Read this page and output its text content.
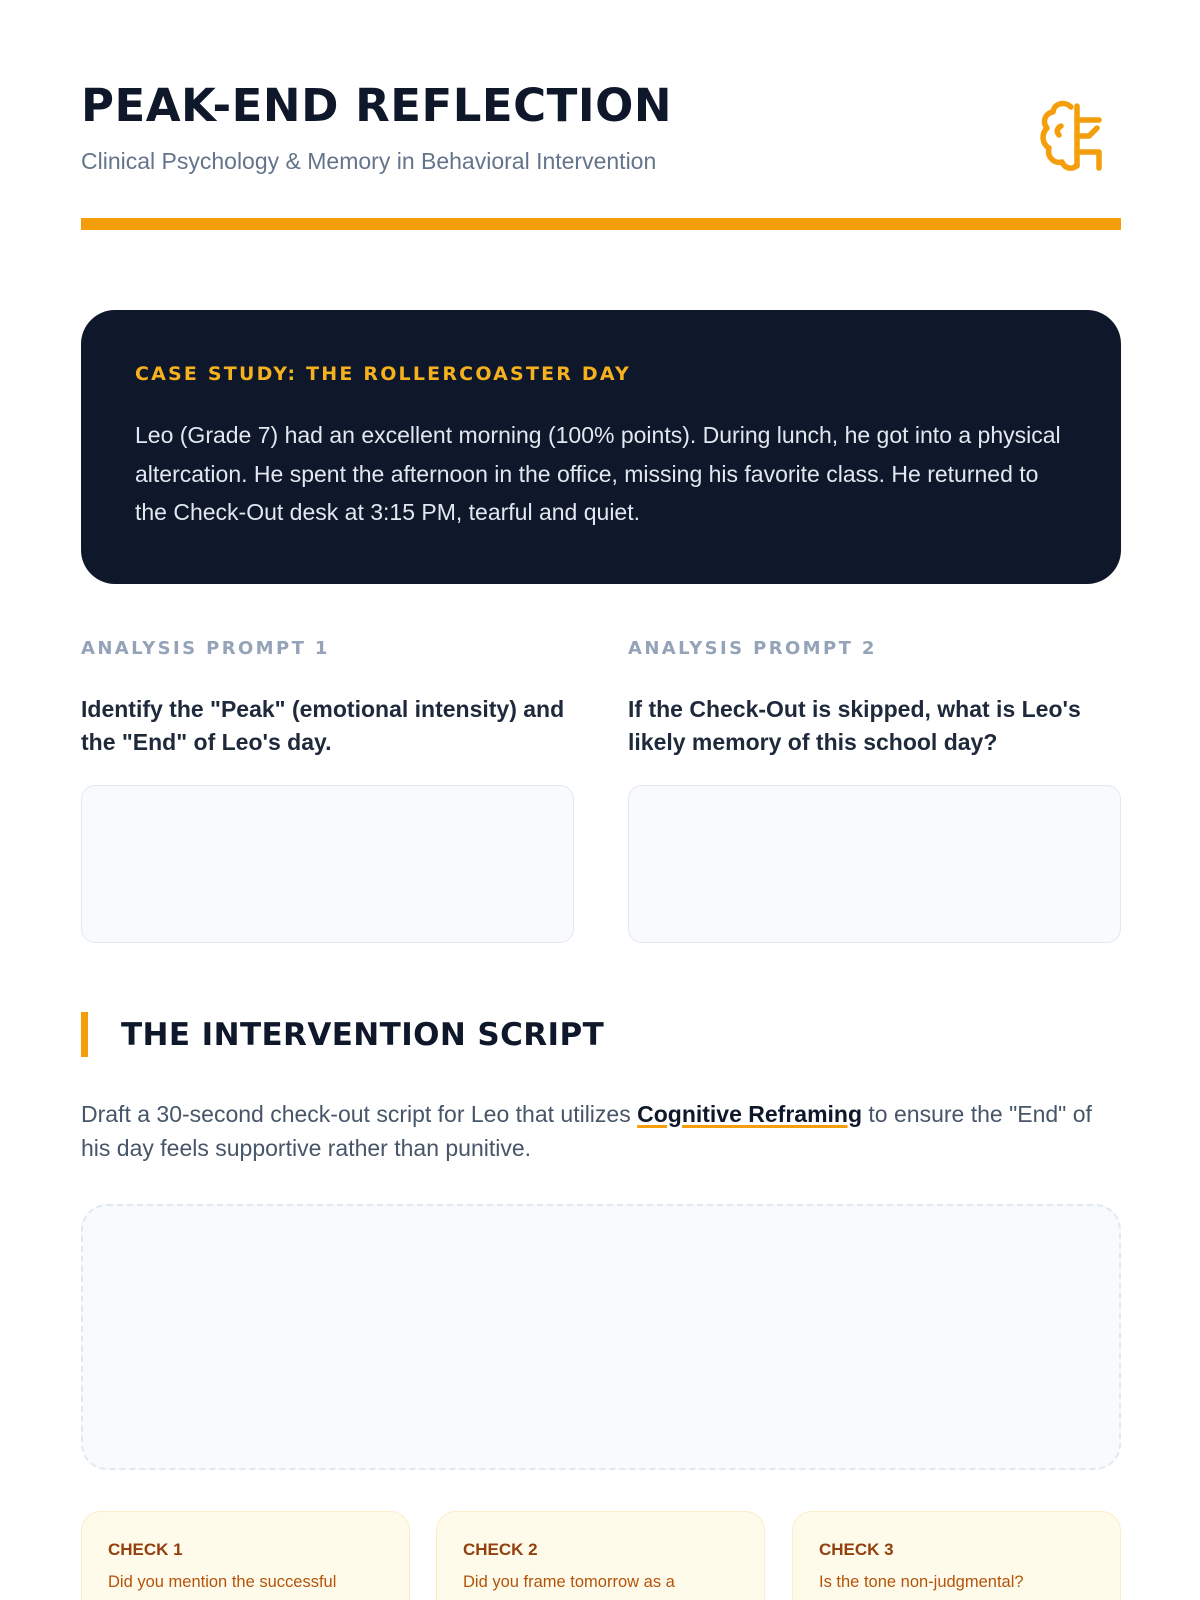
PEAK-END REFLECTION
Clinical Psychology & Memory in Behavioral Intervention
CASE STUDY: THE ROLLERCOASTER DAY

Leo (Grade 7) had an excellent morning (100% points). During lunch, he got into a physical altercation. He spent the afternoon in the office, missing his favorite class. He returned to the Check-Out desk at 3:15 PM, tearful and quiet.

ANALYSIS PROMPT 1
Identify the "Peak" (emotional intensity) and the "End" of Leo's day.
ANALYSIS PROMPT 2
If the Check-Out is skipped, what is Leo's likely memory of this school day?
THE INTERVENTION SCRIPT

Draft a 30-second check-out script for Leo that utilizes Cognitive Reframing to ensure the "End" of his day feels supportive rather than punitive.

CHECK 1
Did you mention the successful
CHECK 2
Did you frame tomorrow as a
CHECK 3
Is the tone non-judgmental?
